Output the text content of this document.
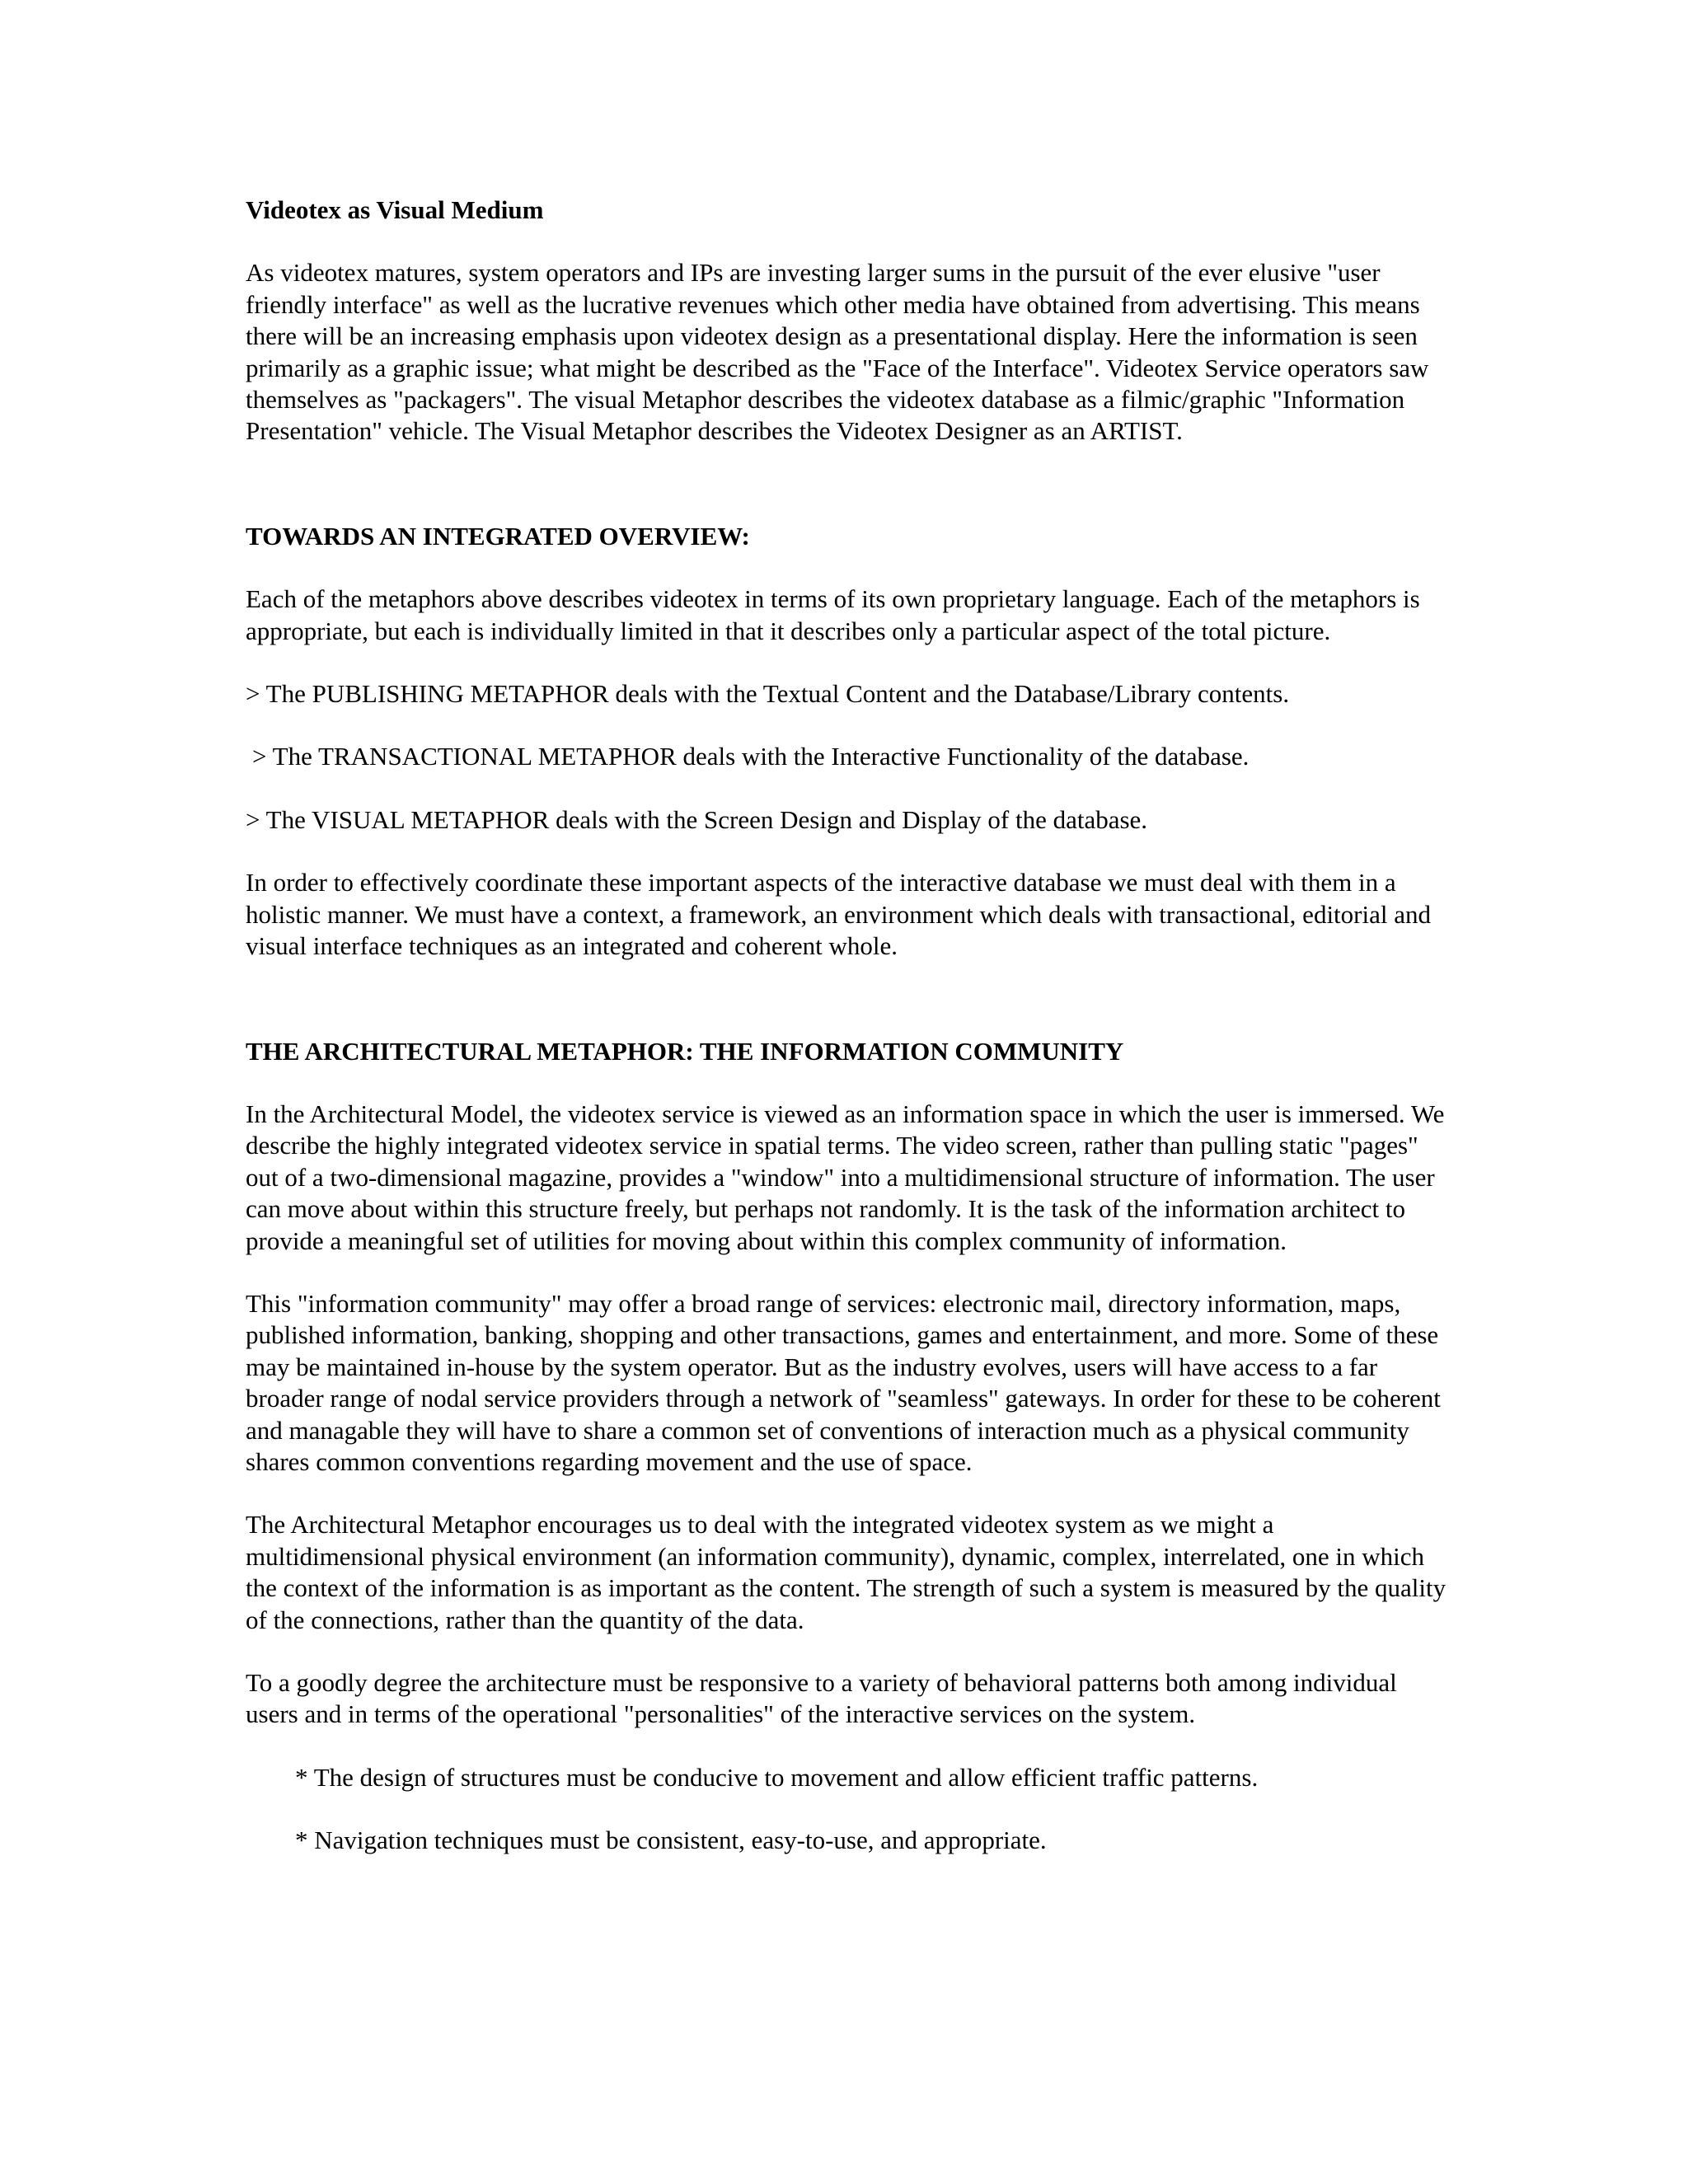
Videotex as Visual Medium

As videotex matures, system operators and IPs are investing larger sums in the pursuit of the ever elusive "user friendly interface" as well as the lucrative revenues which other media have obtained from advertising. This means there will be an increasing emphasis upon videotex design as a presentational display. Here the information is seen primarily as a graphic issue; what might be described as the "Face of the Interface". Videotex Service operators saw themselves as "packagers". The visual Metaphor describes the videotex database as a filmic/graphic "Information Presentation" vehicle. The Visual Metaphor describes the Videotex Designer as an ARTIST.

TOWARDS AN INTEGRATED OVERVIEW:

Each of the metaphors above describes videotex in terms of its own proprietary language. Each of the metaphors is appropriate, but each is individually limited in that it describes only a particular aspect of the total picture.

> The PUBLISHING METAPHOR deals with the Textual Content and the Database/Library contents.

> The TRANSACTIONAL METAPHOR deals with the Interactive Functionality of the database.

> The VISUAL METAPHOR deals with the Screen Design and Display of the database.

In order to effectively coordinate these important aspects of the interactive database we must deal with them in a holistic manner. We must have a context, a framework, an environment which deals with transactional, editorial and visual interface techniques as an integrated and coherent whole.

THE ARCHITECTURAL METAPHOR: THE INFORMATION COMMUNITY

In the Architectural Model, the videotex service is viewed as an information space in which the user is immersed. We describe the highly integrated videotex service in spatial terms. The video screen, rather than pulling static "pages" out of a two-dimensional magazine, provides a "window" into a multidimensional structure of information. The user can move about within this structure freely, but perhaps not randomly. It is the task of the information architect to provide a meaningful set of utilities for moving about within this complex community of information.

This "information community" may offer a broad range of services: electronic mail, directory information, maps, published information, banking, shopping and other transactions, games and entertainment, and more. Some of these may be maintained in-house by the system operator. But as the industry evolves, users will have access to a far broader range of nodal service providers through a network of "seamless" gateways. In order for these to be coherent and managable they will have to share a common set of conventions of interaction much as a physical community shares common conventions regarding movement and the use of space.

The Architectural Metaphor encourages us to deal with the integrated videotex system as we might a multidimensional physical environment (an information community), dynamic, complex, interrelated, one in which the context of the information is as important as the content. The strength of such a system is measured by the quality of the connections, rather than the quantity of the data.

To a goodly degree the architecture must be responsive to a variety of behavioral patterns both among individual users and in terms of the operational "personalities" of the interactive services on the system.

* The design of structures must be conducive to movement and allow efficient traffic patterns.

* Navigation techniques must be consistent, easy-to-use, and appropriate.
